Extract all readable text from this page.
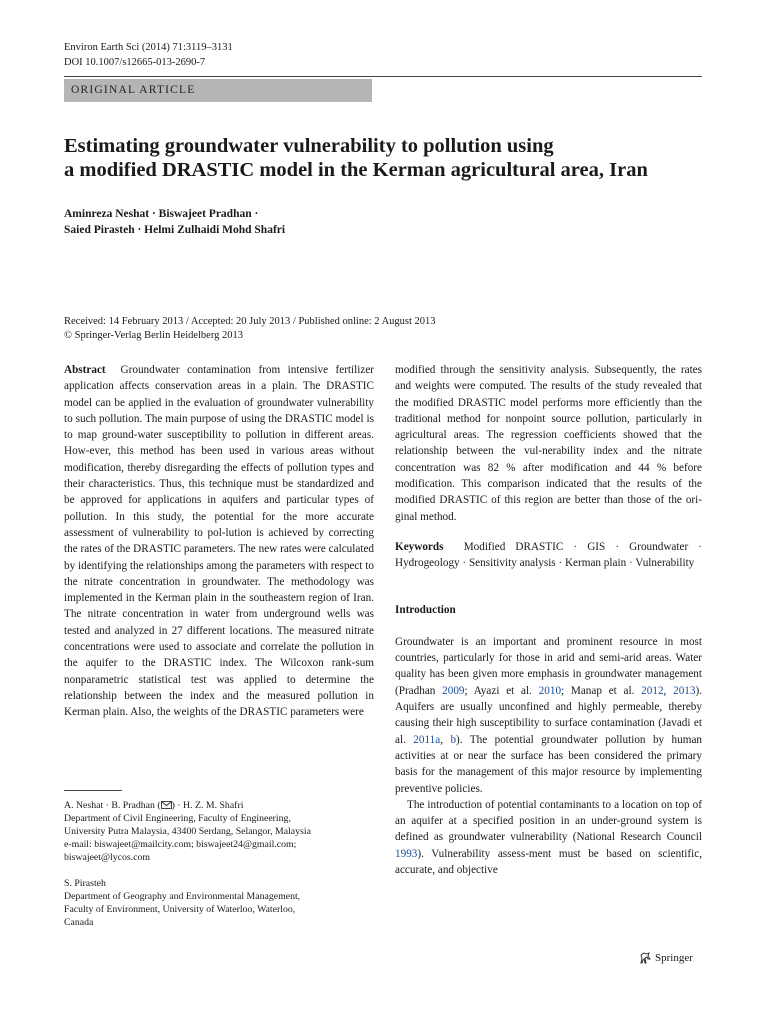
Environ Earth Sci (2014) 71:3119–3131
DOI 10.1007/s12665-013-2690-7
ORIGINAL ARTICLE
Estimating groundwater vulnerability to pollution using
a modified DRASTIC model in the Kerman agricultural area, Iran
Aminreza Neshat · Biswajeet Pradhan ·
Saied Pirasteh · Helmi Zulhaidi Mohd Shafri
Received: 14 February 2013 / Accepted: 20 July 2013 / Published online: 2 August 2013
© Springer-Verlag Berlin Heidelberg 2013

Abstract Groundwater contamination from intensive fertilizer application affects conservation areas in a plain. The DRASTIC model can be applied in the evaluation of groundwater vulnerability to such pollution. The main purpose of using the DRASTIC model is to map ground-water susceptibility to pollution in different areas. How-ever, this method has been used in various areas without modification, thereby disregarding the effects of pollution types and their characteristics. Thus, this technique must be standardized and be approved for applications in aquifers and particular types of pollution. In this study, the potential for the more accurate assessment of vulnerability to pol-lution is achieved by correcting the rates of the DRASTIC parameters. The new rates were calculated by identifying the relationships among the parameters with respect to the nitrate concentration in groundwater. The methodology was implemented in the Kerman plain in the southeastern region of Iran. The nitrate concentration in water from underground wells was tested and analyzed in 27 different locations. The measured nitrate concentrations were used to associate and correlate the pollution in the aquifer to the DRASTIC index. The Wilcoxon rank-sum nonparametric statistical test was applied to determine the relationship between the index and the measured pollution in Kerman plain. Also, the weights of the DRASTIC parameters were

modified through the sensitivity analysis. Subsequently, the rates and weights were computed. The results of the study revealed that the modified DRASTIC model performs more efficiently than the traditional method for nonpoint source pollution, particularly in agricultural areas. The regression coefficients showed that the relationship between the vul-nerability index and the nitrate concentration was 82 % after modification and 44 % before modification. This comparison indicated that the results of the modified DRASTIC of this region are better than those of the ori-ginal method.

Keywords Modified DRASTIC · GIS · Groundwater · Hydrogeology · Sensitivity analysis · Kerman plain · Vulnerability

Introduction

Groundwater is an important and prominent resource in most countries, particularly for those in arid and semi-arid areas. Water quality has been given more emphasis in groundwater management (Pradhan 2009; Ayazi et al. 2010; Manap et al. 2012, 2013). Aquifers are usually unconfined and highly permeable, thereby causing their high susceptibility to surface contamination (Javadi et al. 2011a, b). The potential groundwater pollution by human activities at or near the surface has been considered the primary basis for the management of this major resource by implementing preventive policies.

The introduction of potential contaminants to a location on top of an aquifer at a specified position in an under-ground system is defined as groundwater vulnerability (National Research Council 1993). Vulnerability assess-ment must be based on scientific, accurate, and objective

A. Neshat · B. Pradhan ( ) · H. Z. M. Shafri
Department of Civil Engineering, Faculty of Engineering,
University Putra Malaysia, 43400 Serdang, Selangor, Malaysia
e-mail: biswajeet@mailcity.com; biswajeet24@gmail.com;
biswajeet@lycos.com
S. Pirasteh
Department of Geography and Environmental Management,
Faculty of Environment, University of Waterloo, Waterloo,
Canada
Springer
